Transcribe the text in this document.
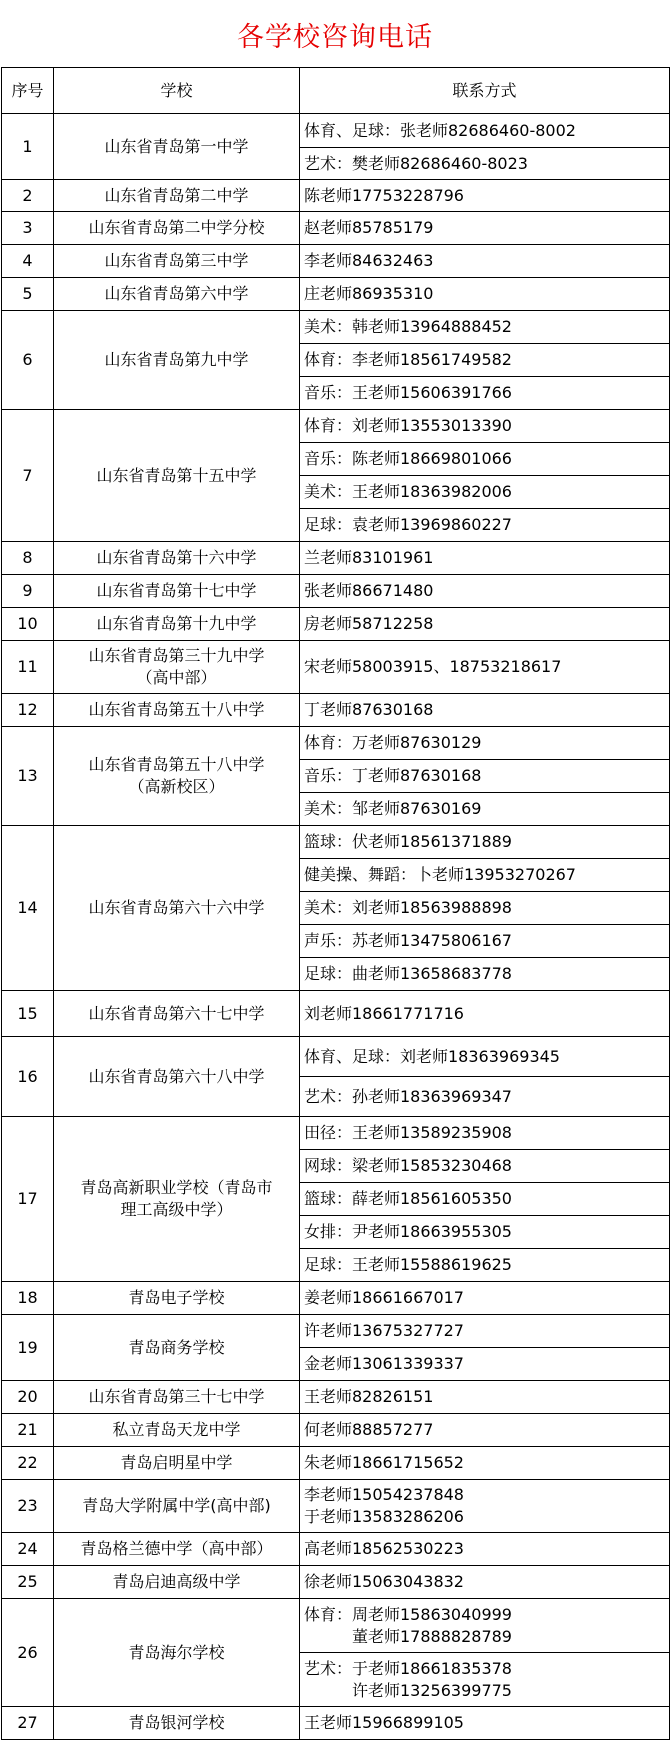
各学校咨询电话
序号	学校	联系方式
1	山东省青岛第一中学	体育、足球：张老师82686460-8002

		艺术：樊老师82686460-8023

2	山东省青岛第二中学	陈老师17753228796

3	山东省青岛第二中学分校	赵老师85785179

4	山东省青岛第三中学	李老师84632463

5	山东省青岛第六中学	庄老师86935310

6	山东省青岛第九中学	美术：韩老师13964888452

		体育：李老师18561749582

		音乐：王老师15606391766

7	山东省青岛第十五中学	体育：刘老师13553013390

		音乐：陈老师18669801066

		美术：王老师18363982006

		足球：袁老师13969860227

8	山东省青岛第十六中学	兰老师83101961

9	山东省青岛第十七中学	张老师86671480

10	山东省青岛第十九中学	房老师58712258

11	山东省青岛第三十九中学
（高中部）	宋老师58003915、18753218617

12	山东省青岛第五十八中学	丁老师87630168

13	山东省青岛第五十八中学
（高新校区）	体育：万老师87630129

		音乐：丁老师87630168

		美术：邹老师87630169

14	山东省青岛第六十六中学	篮球：伏老师18561371889

		健美操、舞蹈：卜老师13953270267

		美术：刘老师18563988898

		声乐：苏老师13475806167

		足球：曲老师13658683778

15	山东省青岛第六十七中学	刘老师18661771716

16	山东省青岛第六十八中学	体育、足球：刘老师18363969345

		艺术：孙老师18363969347

17	青岛高新职业学校（青岛市
理工高级中学）	田径：王老师13589235908

		网球：梁老师15853230468

		篮球：薛老师18561605350

		女排：尹老师18663955305

		足球：王老师15588619625

18	青岛电子学校	姜老师18661667017

19	青岛商务学校	许老师13675327727

		金老师13061339337

20	山东省青岛第三十七中学	王老师82826151

21	私立青岛天龙中学	何老师88857277

22	青岛启明星中学	朱老师18661715652

23	青岛大学附属中学(高中部)	李老师15054237848
于老师13583286206

24	青岛格兰德中学（高中部）	高老师18562530223

25	青岛启迪高级中学	徐老师15063043832

26	青岛海尔学校	体育：周老师15863040999
　　　董老师17888828789

		艺术：于老师18661835378
　　　许老师13256399775

27	青岛银河学校	王老师15966899105
